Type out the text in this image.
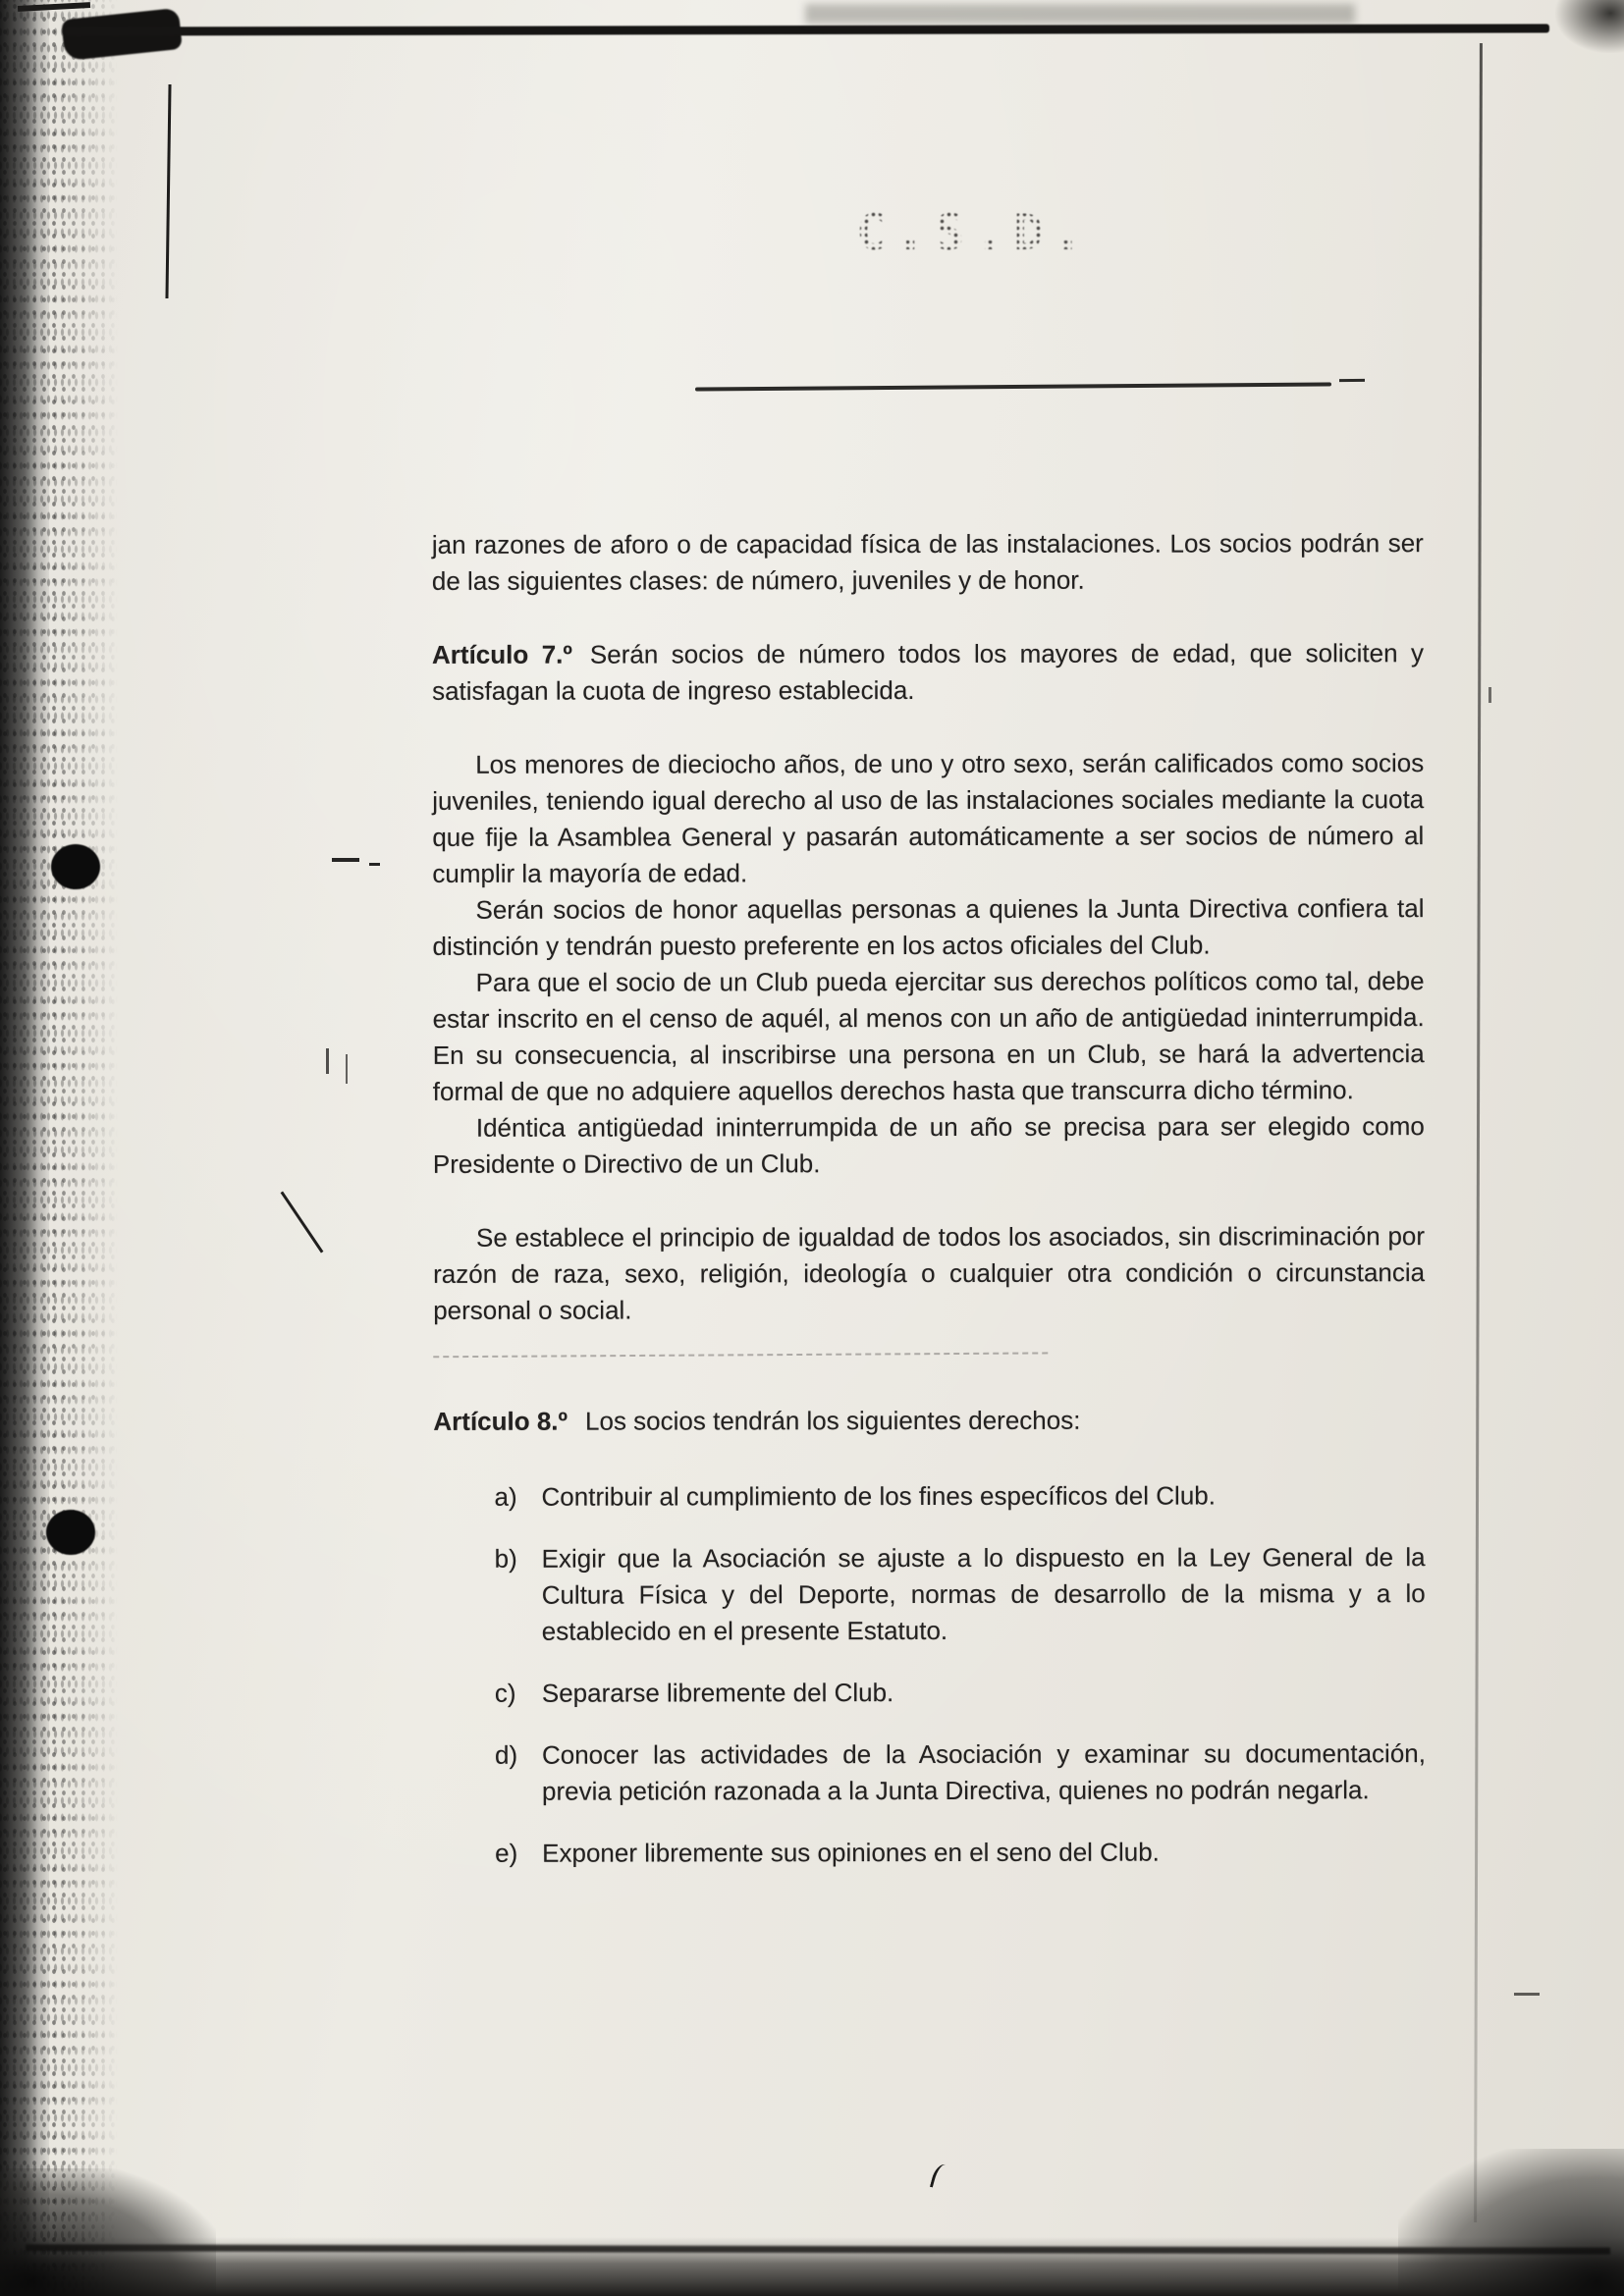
C.S.D.

jan razones de aforo o de capacidad física de las instalaciones. Los socios podrán ser de las siguientes clases: de número, juveniles y de honor.

Artículo 7.º Serán socios de número todos los mayores de edad, que soliciten y satisfagan la cuota de ingreso establecida.

Los menores de dieciocho años, de uno y otro sexo, serán calificados como socios juveniles, teniendo igual derecho al uso de las instalaciones sociales mediante la cuota que fije la Asamblea General y pasarán automáticamente a ser socios de número al cumplir la mayoría de edad.

Serán socios de honor aquellas personas a quienes la Junta Directiva confiera tal distinción y tendrán puesto preferente en los actos oficiales del Club.

Para que el socio de un Club pueda ejercitar sus derechos políticos como tal, debe estar inscrito en el censo de aquél, al menos con un año de antigüedad ininterrumpida. En su consecuencia, al inscribirse una persona en un Club, se hará la advertencia formal de que no adquiere aquellos derechos hasta que transcurra dicho término.

Idéntica antigüedad ininterrumpida de un año se precisa para ser elegido como Presidente o Directivo de un Club.

Se establece el principio de igualdad de todos los asociados, sin discriminación por razón de raza, sexo, religión, ideología o cualquier otra condición o circunstancia personal o social.

Artículo 8.º Los socios tendrán los siguientes derechos:

a) Contribuir al cumplimiento de los fines específicos del Club.
b) Exigir que la Asociación se ajuste a lo dispuesto en la Ley General de la Cultura Física y del Deporte, normas de desarrollo de la misma y a lo establecido en el presente Estatuto.
c)	Separarse libremente del Club.
d) Conocer las actividades de la Asociación y examinar su documentación, previa petición razonada a la Junta Directiva, quienes no podrán negarla.
e) Exponer libremente sus opiniones en el seno del Club.
